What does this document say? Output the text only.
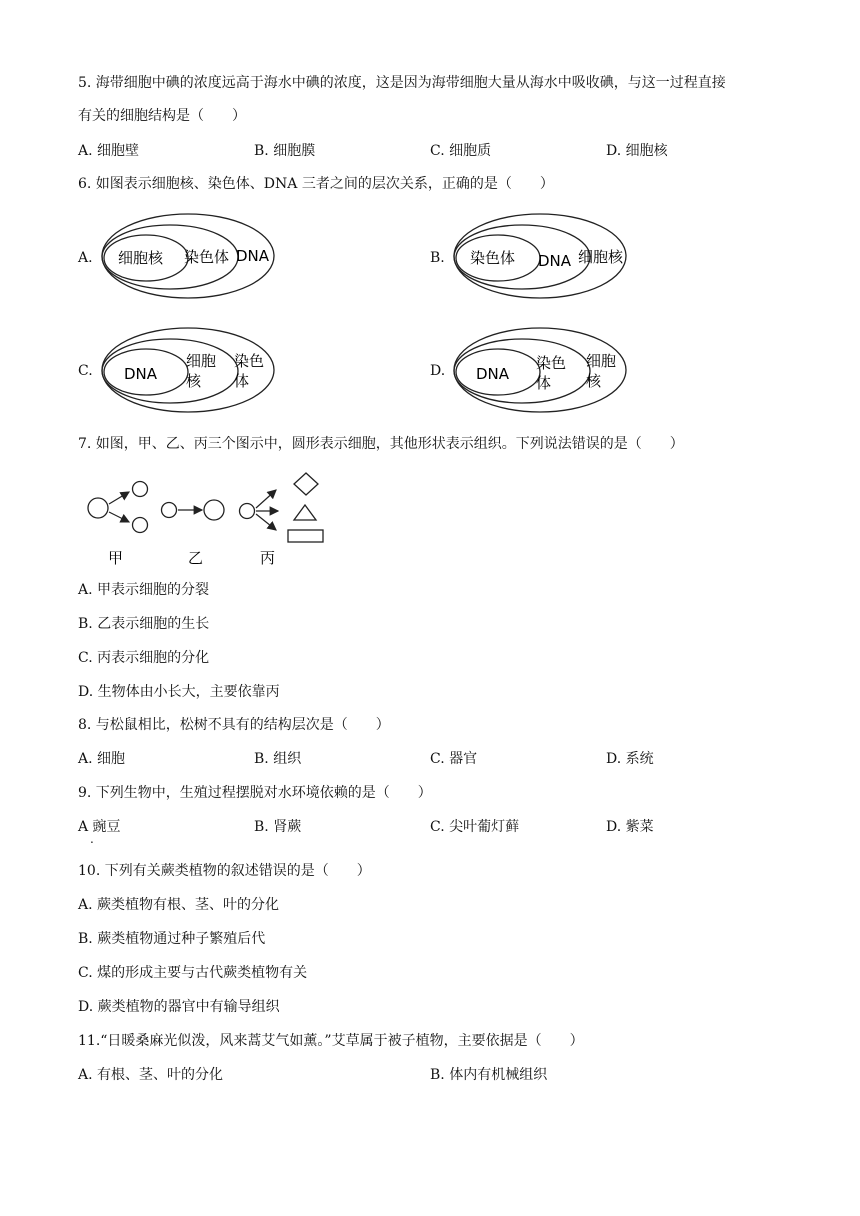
5. 海带细胞中碘的浓度远高于海水中碘的浓度，这是因为海带细胞大量从海水中吸收碘，与这一过程直接
有关的细胞结构是（　　）
A. 细胞壁	B. 细胞膜	C. 细胞质	D. 细胞核
6. 如图表示细胞核、染色体、DNA 三者之间的层次关系，正确的是（　　）
A. 细胞核 染色体 DNA	B. 染色体 DNA 细胞核
C. DNA
细胞
核
染色
体
D. DNA
染色
体
细胞
核
7. 如图，甲、乙、丙三个图示中，圆形表示细胞，其他形状表示组织。下列说法错误的是（　　）
甲	乙	丙
A. 甲表示细胞的分裂
B. 乙表示细胞的生长
C. 丙表示细胞的分化
D. 生物体由小长大，主要依靠丙
8. 与松鼠相比，松树不具有的结构层次是（　　）
A. 细胞	B. 组织	C. 器官	D. 系统
9. 下列生物中，生殖过程摆脱对水环境依赖的是（　　）
A 豌豆
.
B. 肾蕨	C. 尖叶葡灯藓	D. 紫菜
10. 下列有关蕨类植物的叙述错误的是（　　）
A. 蕨类植物有根、茎、叶的分化
B. 蕨类植物通过种子繁殖后代
C. 煤的形成主要与古代蕨类植物有关
D. 蕨类植物的器官中有输导组织
11.“日暖桑麻光似泼，风来蒿艾气如薰。”艾草属于被子植物，主要依据是（　　）
A. 有根、茎、叶的分化	B. 体内有机械组织
